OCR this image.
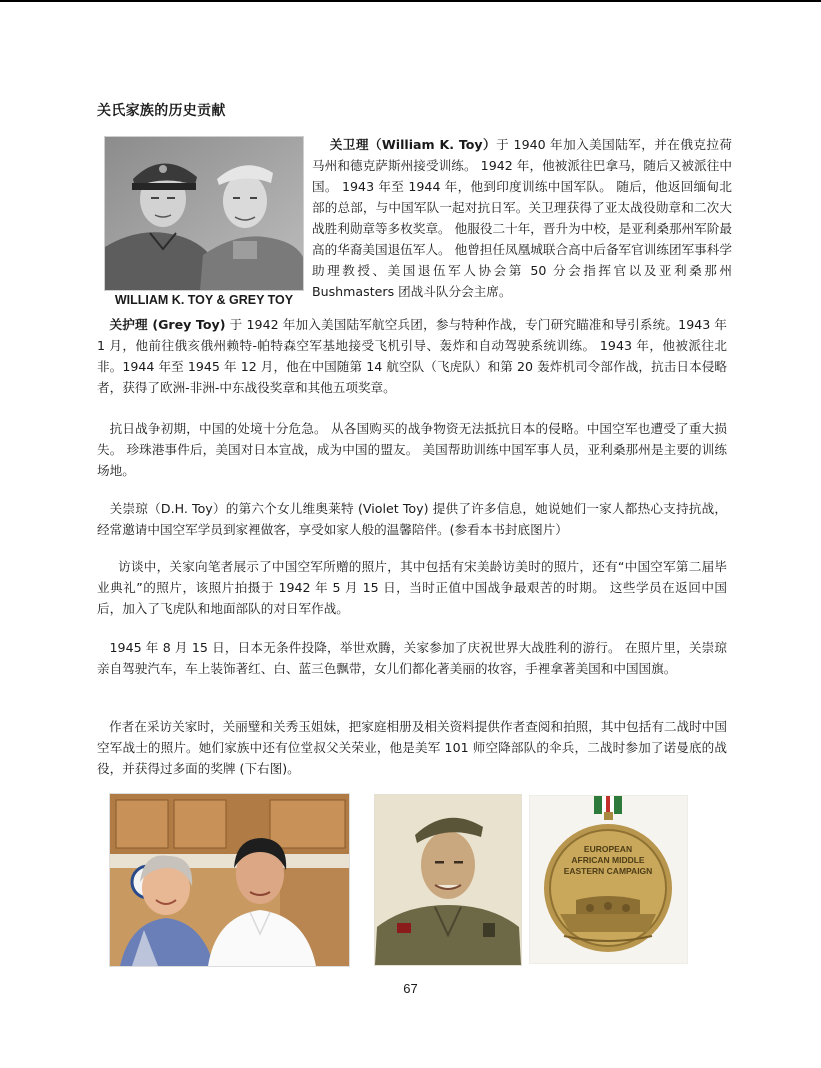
关氏家族的历史贡献
WILLIAM K. TOY & GREY TOY
关卫理（William K. Toy）于 1940 年加入美国陆军，并在俄克拉荷马州和德克萨斯州接受训练。 1942 年，他被派往巴拿马，随后又被派往中国。 1943 年至 1944 年，他到印度训练中国军队。 随后，他返回缅甸北部的总部，与中国军队一起对抗日军。关卫理获得了亚太战役勋章和二次大战胜利勋章等多枚奖章。 他服役二十年，晋升为中校，是亚利桑那州军阶最高的华裔美国退伍军人。 他曾担任凤凰城联合高中后备军官训练团军事科学助理教授、美国退伍军人协会第 50 分会指挥官以及亚利桑那州 Bushmasters 团战斗队分会主席。
关护理 (Grey Toy) 于 1942 年加入美国陆军航空兵团，参与特种作战，专门研究瞄准和导引系统。1943 年 1 月，他前往俄亥俄州赖特-帕特森空军基地接受飞机引导、轰炸和自动驾驶系统训练。 1943 年，他被派往北非。1944 年至 1945 年 12 月，他在中国随第 14 航空队（飞虎队）和第 20 轰炸机司令部作战，抗击日本侵略者，获得了欧洲-非洲-中东战役奖章和其他五项奖章。
抗日战争初期，中国的处境十分危急。 从各国购买的战争物资无法抵抗日本的侵略。中国空军也遭受了重大损失。 珍珠港事件后，美国对日本宣战，成为中国的盟友。 美国帮助训练中国军事人员，亚利桑那州是主要的训练场地。
关崇琼（D.H. Toy）的第六个女儿维奥莱特 (Violet Toy) 提供了许多信息，她说她们一家人都热心支持抗战，经常邀请中国空军学员到家裡做客，享受如家人般的温馨陪伴。(参看本书封底图片）
访谈中，关家向笔者展示了中国空军所赠的照片，其中包括有宋美龄访美时的照片，还有“中国空军第二届毕业典礼”的照片，该照片拍摄于 1942 年 5 月 15 日，当时正值中国战争最艰苦的时期。 这些学员在返回中国后，加入了飞虎队和地面部队的对日军作战。
1945 年 8 月 15 日，日本无条件投降，举世欢腾，关家参加了庆祝世界大战胜利的游行。 在照片里，关崇琼亲自驾驶汽车，车上装饰著红、白、蓝三色飘带，女儿们都化著美丽的妆容，手裡拿著美国和中国国旗。
作者在采访关家时，关丽璧和关秀玉姐妹，把家庭相册及相关资料提供作者查阅和拍照，其中包括有二战时中国空军战士的照片。她们家族中还有位堂叔父关荣业，他是美军 101 师空降部队的伞兵，二战时参加了诺曼底的战役，并获得过多面的奖牌 (下右图)。
EUROPEAN
AFRICAN MIDDLE
EASTERN CAMPAIGN
67
